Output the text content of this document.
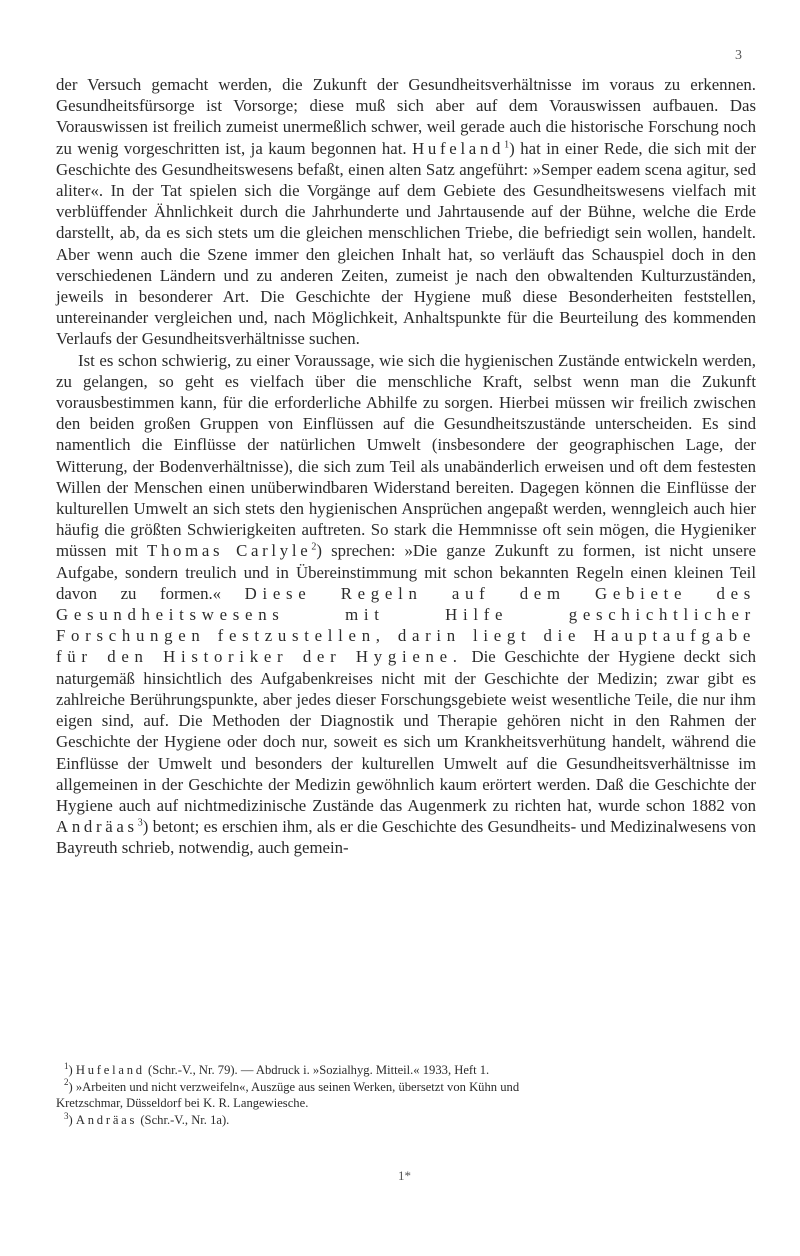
3

der Versuch gemacht werden, die Zukunft der Gesundheitsverhältnisse im voraus zu erkennen. Gesundheitsfürsorge ist Vorsorge; diese muß sich aber auf dem Vorauswissen aufbauen. Das Vorauswissen ist freilich zumeist unermeßlich schwer, weil gerade auch die historische Forschung noch zu wenig vorgeschritten ist, ja kaum begonnen hat. Hufeland$^1$) hat in einer Rede, die sich mit der Geschichte des Gesundheitswesens befaßt, einen alten Satz angeführt: »Semper eadem scena agitur, sed aliter«. In der Tat spielen sich die Vorgänge auf dem Gebiete des Gesundheitswesens vielfach mit verblüffender Ähnlichkeit durch die Jahrhunderte und Jahrtausende auf der Bühne, welche die Erde darstellt, ab, da es sich stets um die gleichen menschlichen Triebe, die befriedigt sein wollen, handelt. Aber wenn auch die Szene immer den gleichen Inhalt hat, so verläuft das Schauspiel doch in den verschiedenen Ländern und zu anderen Zeiten, zumeist je nach den obwaltenden Kulturzuständen, jeweils in besonderer Art. Die Geschichte der Hygiene muß diese Besonderheiten feststellen, untereinander vergleichen und, nach Möglichkeit, Anhaltspunkte für die Beurteilung des kommenden Verlaufs der Gesundheitsverhältnisse suchen.

Ist es schon schwierig, zu einer Voraussage, wie sich die hygienischen Zustände entwickeln werden, zu gelangen, so geht es vielfach über die menschliche Kraft, selbst wenn man die Zukunft vorausbestimmen kann, für die erforderliche Abhilfe zu sorgen. Hierbei müssen wir freilich zwischen den beiden großen Gruppen von Einflüssen auf die Gesundheitszustände unterscheiden. Es sind namentlich die Einflüsse der natürlichen Umwelt (insbesondere der geographischen Lage, der Witterung, der Bodenverhältnisse), die sich zum Teil als unabänderlich erweisen und oft dem festesten Willen der Menschen einen unüberwindbaren Widerstand bereiten. Dagegen können die Einflüsse der kulturellen Umwelt an sich stets den hygienischen Ansprüchen angepaßt werden, wenngleich auch hier häufig die größten Schwierigkeiten auftreten. So stark die Hemmnisse oft sein mögen, die Hygieniker müssen mit Thomas Carlyle$^2$) sprechen: »Die ganze Zukunft zu formen, ist nicht unsere Aufgabe, sondern treulich und in Übereinstimmung mit schon bekannten Regeln einen kleinen Teil davon zu formen.« Diese Regeln auf dem Gebiete des Gesundheitswesens mit Hilfe geschichtlicher Forschungen festzustellen, darin liegt die Hauptaufgabe für den Historiker der Hygiene. Die Geschichte der Hygiene deckt sich naturgemäß hinsichtlich des Aufgabenkreises nicht mit der Geschichte der Medizin; zwar gibt es zahlreiche Berührungspunkte, aber jedes dieser Forschungsgebiete weist wesentliche Teile, die nur ihm eigen sind, auf. Die Methoden der Diagnostik und Therapie gehören nicht in den Rahmen der Geschichte der Hygiene oder doch nur, soweit es sich um Krankheitsverhütung handelt, während die Einflüsse der Umwelt und besonders der kulturellen Umwelt auf die Gesundheitsverhältnisse im allgemeinen in der Geschichte der Medizin gewöhnlich kaum erörtert werden. Daß die Geschichte der Hygiene auch auf nichtmedizinische Zustände das Augenmerk zu richten hat, wurde schon 1882 von Andräas$^3$) betont; es erschien ihm, als er die Geschichte des Gesundheits- und Medizinalwesens von Bayreuth schrieb, notwendig, auch gemein-

$^1$) Hufeland (Schr.-V., Nr. 79). — Abdruck i. »Sozialhyg. Mitteil.« 1933, Heft 1.

$^2$) »Arbeiten und nicht verzweifeln«, Auszüge aus seinen Werken, übersetzt von Kühn und

Kretzschmar, Düsseldorf bei K. R. Langewiesche.

$^3$) Andräas (Schr.-V., Nr. 1a).

1*
